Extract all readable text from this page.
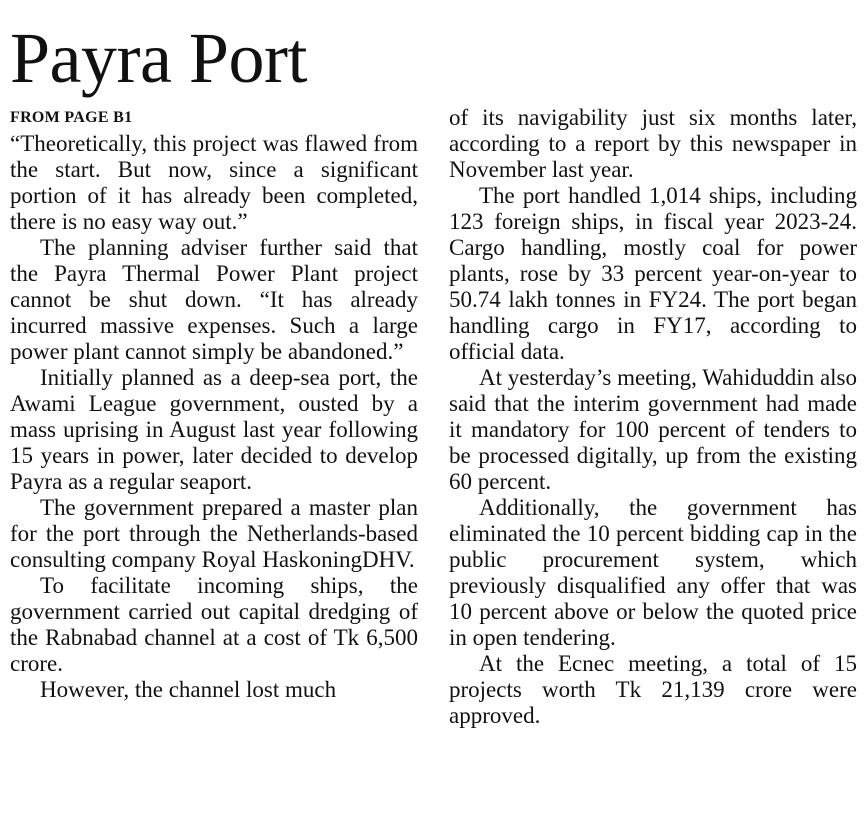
Payra Port
FROM PAGE B1

“Theoretically, this project was flawed from the start. But now, since a significant portion of it has already been completed, there is no easy way out.”

The planning adviser further said that the Payra Thermal Power Plant project cannot be shut down. “It has already incurred massive expenses. Such a large power plant cannot simply be abandoned.”

Initially planned as a deep-sea port, the Awami League government, ousted by a mass uprising in August last year following 15 years in power, later decided to develop Payra as a regular seaport.

The government prepared a master plan for the port through the Netherlands-based consulting company Royal HaskoningDHV.

To facilitate incoming ships, the government carried out capital dredging of the Rabnabad channel at a cost of Tk 6,500 crore.

However, the channel lost much

of its navigability just six months later, according to a report by this newspaper in November last year.

The port handled 1,014 ships, including 123 foreign ships, in fiscal year 2023-24. Cargo handling, mostly coal for power plants, rose by 33 percent year-on-year to 50.74 lakh tonnes in FY24. The port began handling cargo in FY17, according to official data.

At yesterday’s meeting, Wahiduddin also said that the interim government had made it mandatory for 100 percent of tenders to be processed digitally, up from the existing 60 percent.

Additionally, the government has eliminated the 10 percent bidding cap in the public procurement system, which previously disqualified any offer that was 10 percent above or below the quoted price in open tendering.

At the Ecnec meeting, a total of 15 projects worth Tk 21,139 crore were approved.
